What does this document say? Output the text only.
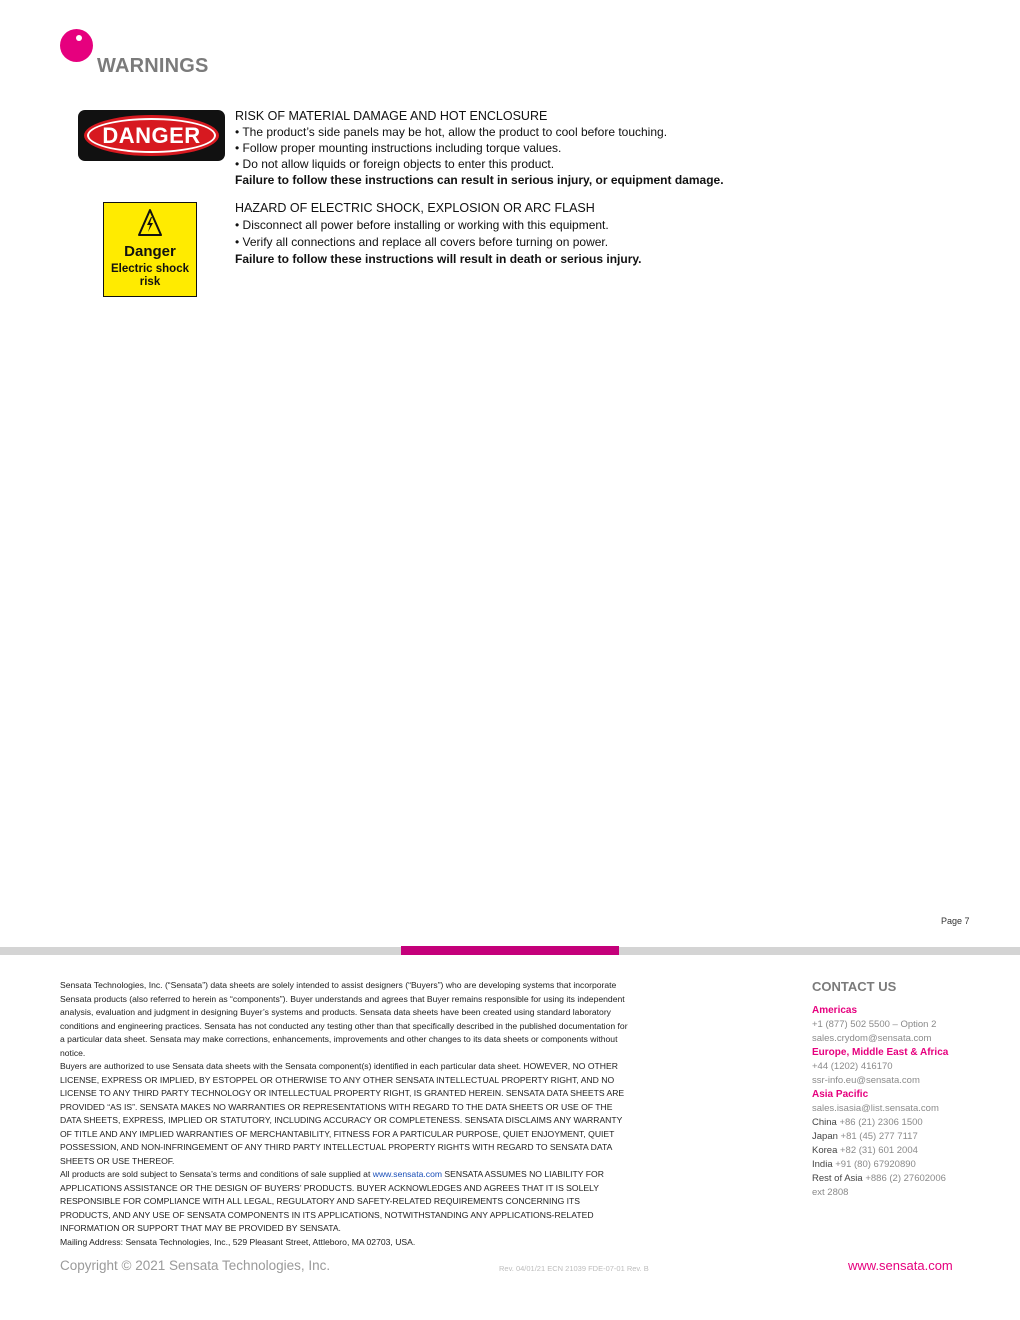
WARNINGS
DANGER
RISK OF MATERIAL DAMAGE AND HOT ENCLOSURE
• The product’s side panels may be hot, allow the product to cool before touching.
• Follow proper mounting instructions including torque values.
• Do not allow liquids or foreign objects to enter this product.
Failure to follow these instructions can result in serious injury, or equipment damage.
Danger
Electric shock
risk
HAZARD OF ELECTRIC SHOCK, EXPLOSION OR ARC FLASH
• Disconnect all power before installing or working with this equipment.
• Verify all connections and replace all covers before turning on power.
Failure to follow these instructions will result in death or serious injury.
Page 7

Sensata Technologies, Inc. (“Sensata”) data sheets are solely intended to assist designers (“Buyers”) who are developing systems that incorporate Sensata products (also referred to herein as “components”). Buyer understands and agrees that Buyer remains responsible for using its independent analysis, evaluation and judgment in designing Buyer’s systems and products. Sensata data sheets have been created using standard laboratory conditions and engineering practices. Sensata has not conducted any testing other than that specifically described in the published documentation for a particular data sheet. Sensata may make corrections, enhancements, improvements and other changes to its data sheets or components without notice.

Buyers are authorized to use Sensata data sheets with the Sensata component(s) identified in each particular data sheet. HOWEVER, NO OTHER LICENSE, EXPRESS OR IMPLIED, BY ESTOPPEL OR OTHERWISE TO ANY OTHER SENSATA INTELLECTUAL PROPERTY RIGHT, AND NO LICENSE TO ANY THIRD PARTY TECHNOLOGY OR INTELLECTUAL PROPERTY RIGHT, IS GRANTED HEREIN. SENSATA DATA SHEETS ARE PROVIDED “AS IS”. SENSATA MAKES NO WARRANTIES OR REPRESENTATIONS WITH REGARD TO THE DATA SHEETS OR USE OF THE DATA SHEETS, EXPRESS, IMPLIED OR STATUTORY, INCLUDING ACCURACY OR COMPLETENESS. SENSATA DISCLAIMS ANY WARRANTY OF TITLE AND ANY IMPLIED WARRANTIES OF MERCHANTABILITY, FITNESS FOR A PARTICULAR PURPOSE, QUIET ENJOYMENT, QUIET POSSESSION, AND NON-INFRINGEMENT OF ANY THIRD PARTY INTELLECTUAL PROPERTY RIGHTS WITH REGARD TO SENSATA DATA SHEETS OR USE THEREOF.

All products are sold subject to Sensata’s terms and conditions of sale supplied at www.sensata.com SENSATA ASSUMES NO LIABILITY FOR APPLICATIONS ASSISTANCE OR THE DESIGN OF BUYERS’ PRODUCTS. BUYER ACKNOWLEDGES AND AGREES THAT IT IS SOLELY RESPONSIBLE FOR COMPLIANCE WITH ALL LEGAL, REGULATORY AND SAFETY-RELATED REQUIREMENTS CONCERNING ITS PRODUCTS, AND ANY USE OF SENSATA COMPONENTS IN ITS APPLICATIONS, NOTWITHSTANDING ANY APPLICATIONS-RELATED INFORMATION OR SUPPORT THAT MAY BE PROVIDED BY SENSATA.

Mailing Address: Sensata Technologies, Inc., 529 Pleasant Street, Attleboro, MA 02703, USA.

CONTACT US
Americas
+1 (877) 502 5500 – Option 2
sales.crydom@sensata.com
Europe, Middle East & Africa
+44 (1202) 416170
ssr-info.eu@sensata.com
Asia Pacific
sales.isasia@list.sensata.com
China +86 (21) 2306 1500
Japan +81 (45) 277 7117
Korea +82 (31) 601 2004
India +91 (80) 67920890
Rest of Asia +886 (2) 27602006
ext 2808
Copyright © 2021 Sensata Technologies, Inc.	Rev. 04/01/21 ECN 21039 FDE-07-01 Rev. B	www.sensata.com
